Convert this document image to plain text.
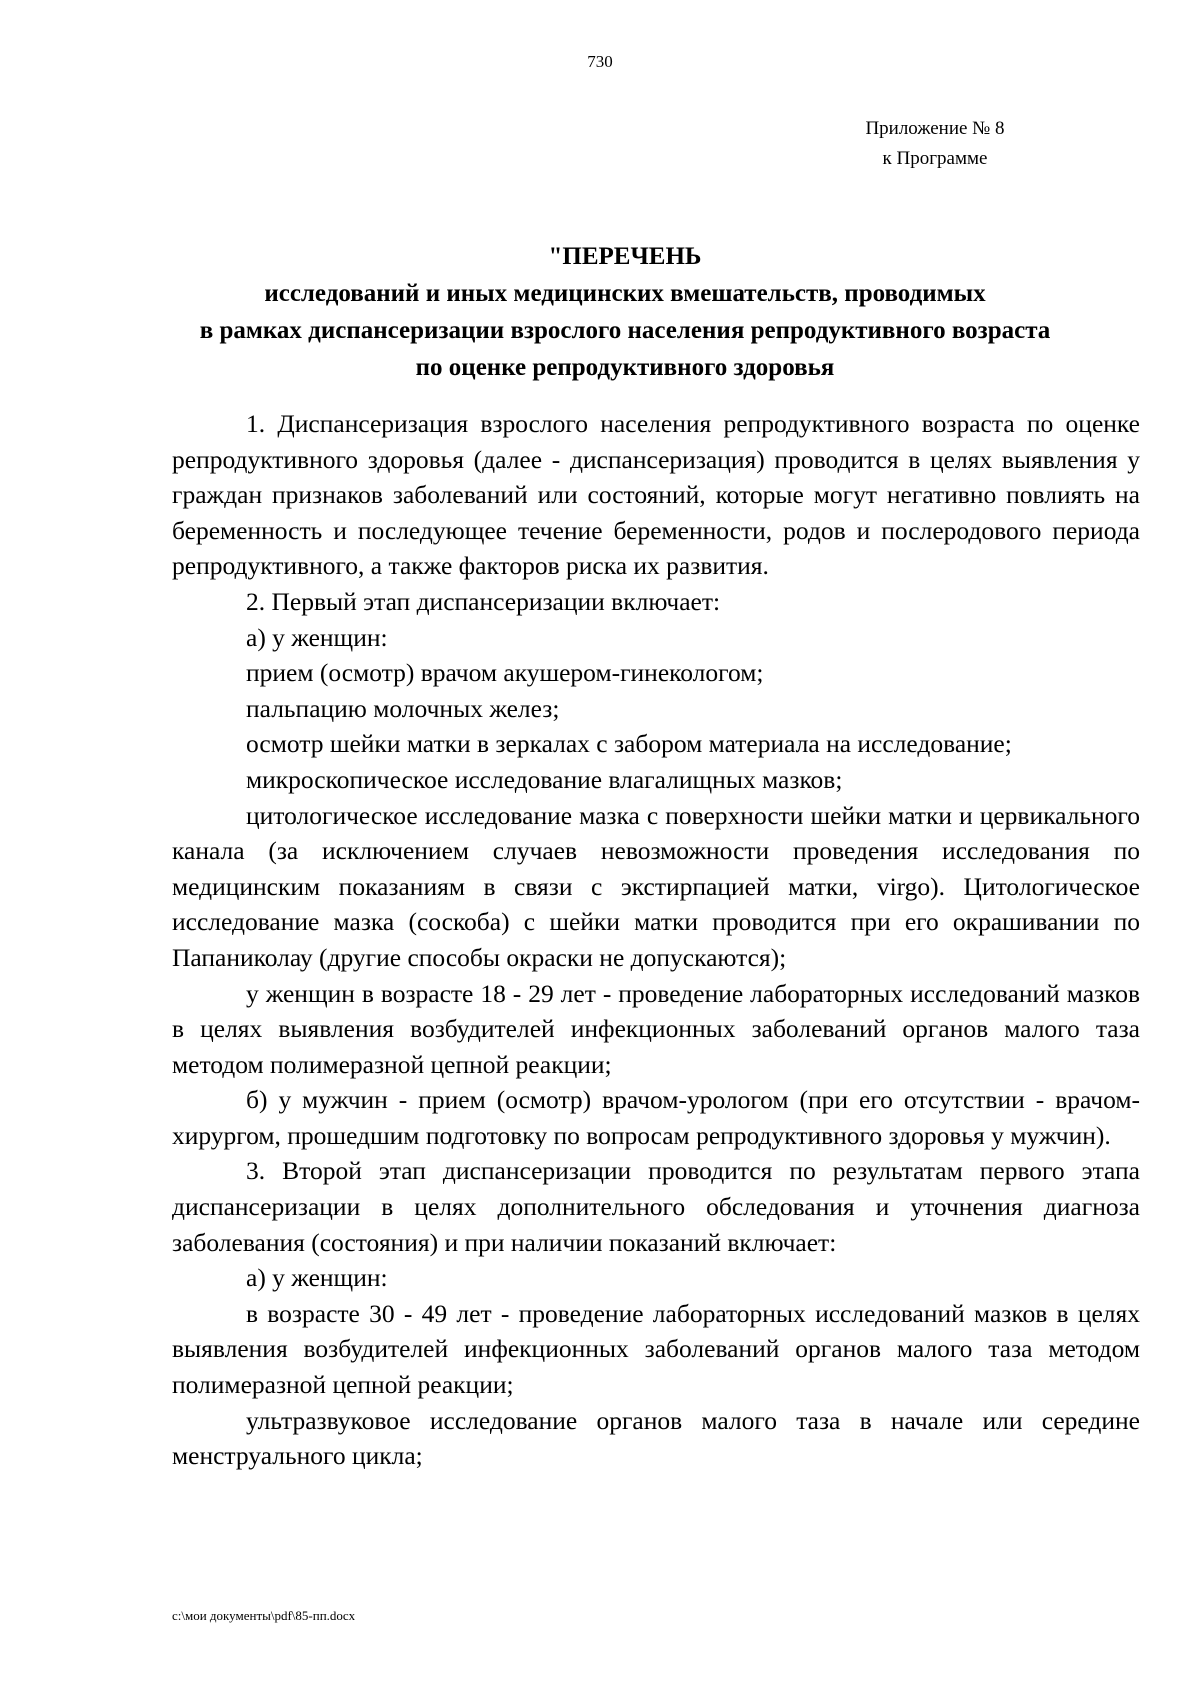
730
Приложение № 8
к Программе
"ПЕРЕЧЕНЬ
исследований и иных медицинских вмешательств, проводимых
в рамках диспансеризации взрослого населения репродуктивного возраста
по оценке репродуктивного здоровья

1. Диспансеризация взрослого населения репродуктивного возраста по оценке репродуктивного здоровья (далее - диспансеризация) проводится в целях выявления у граждан признаков заболеваний или состояний, которые могут негативно повлиять на беременность и последующее течение беременности, родов и послеродового периода репродуктивного, а также факторов риска их развития.

2. Первый этап диспансеризации включает:

а) у женщин:

прием (осмотр) врачом акушером-гинекологом;

пальпацию молочных желез;

осмотр шейки матки в зеркалах с забором материала на исследование;

микроскопическое исследование влагалищных мазков;

цитологическое исследование мазка с поверхности шейки матки и цервикального канала (за исключением случаев невозможности проведения исследования по медицинским показаниям в связи с экстирпацией матки, virgo). Цитологическое исследование мазка (соскоба) с шейки матки проводится при его окрашивании по Папаниколау (другие способы окраски не допускаются);

у женщин в возрасте 18 - 29 лет - проведение лабораторных исследований мазков в целях выявления возбудителей инфекционных заболеваний органов малого таза методом полимеразной цепной реакции;

б) у мужчин - прием (осмотр) врачом-урологом (при его отсутствии - врачом-хирургом, прошедшим подготовку по вопросам репродуктивного здоровья у мужчин).

3. Второй этап диспансеризации проводится по результатам первого этапа диспансеризации в целях дополнительного обследования и уточнения диагноза заболевания (состояния) и при наличии показаний включает:

а) у женщин:

в возрасте 30 - 49 лет - проведение лабораторных исследований мазков в целях выявления возбудителей инфекционных заболеваний органов малого таза методом полимеразной цепной реакции;

ультразвуковое исследование органов малого таза в начале или середине менструального цикла;

c:\мои документы\pdf\85-пп.docx
